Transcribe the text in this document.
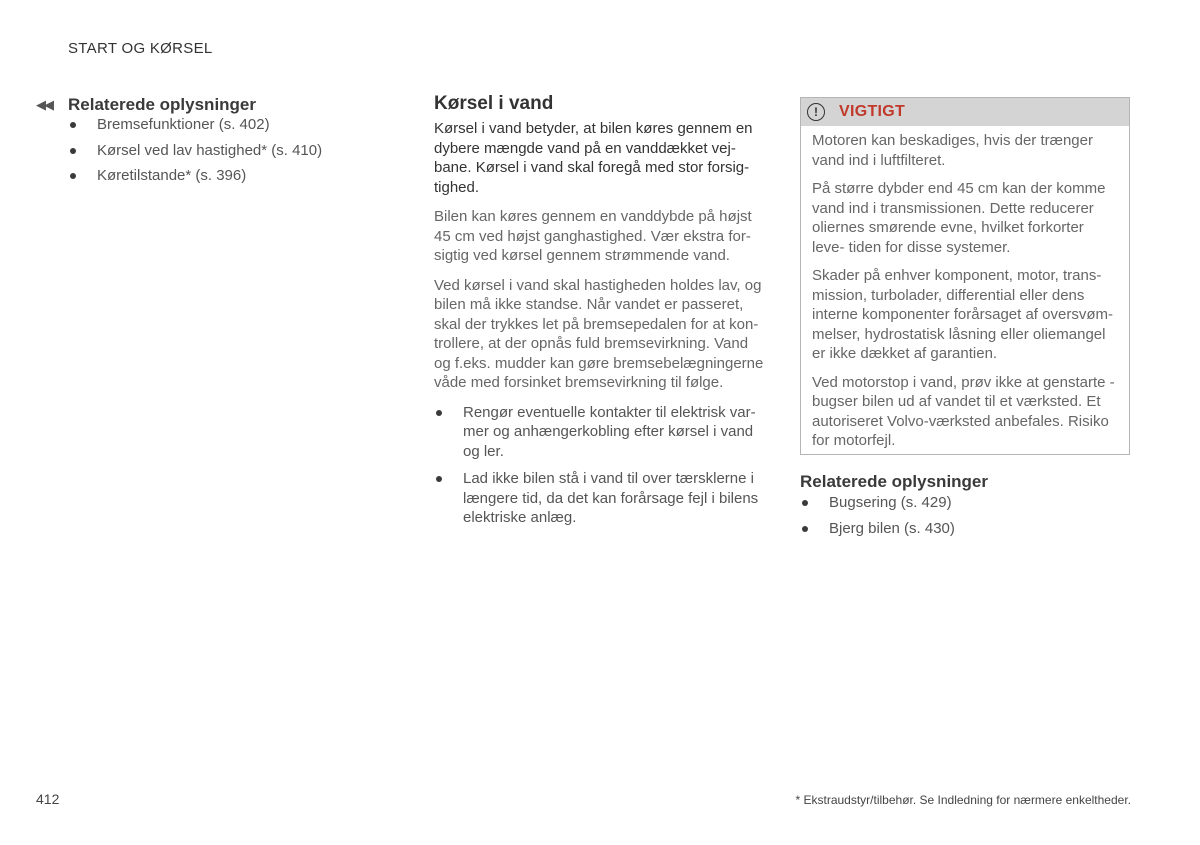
START OG KØRSEL
◀◀ Relaterede oplysninger
Bremsefunktioner (s. 402)
Kørsel ved lav hastighed* (s. 410)
Køretilstande* (s. 396)
Kørsel i vand

Kørsel i vand betyder, at bilen køres gennem en dybere mængde vand på en vanddækket vej- bane. Kørsel i vand skal foregå med stor forsig- tighed.

Bilen kan køres gennem en vanddybde på højst 45 cm ved højst ganghastighed. Vær ekstra for- sigtig ved kørsel gennem strømmende vand.

Ved kørsel i vand skal hastigheden holdes lav, og bilen må ikke standse. Når vandet er passeret, skal der trykkes let på bremsepedalen for at kon- trollere, at der opnås fuld bremsevirkning. Vand og f.eks. mudder kan gøre bremsebelægningerne våde med forsinket bremsevirkning til følge.

Rengør eventuelle kontakter til elektrisk var- mer og anhængerkobling efter kørsel i vand og ler.
Lad ikke bilen stå i vand til over tærsklerne i længere tid, da det kan forårsage fejl i bilens elektriske anlæg.
!	VIGTIGT

Motoren kan beskadiges, hvis der trænger vand ind i luftfilteret.

På større dybder end 45 cm kan der komme vand ind i transmissionen. Dette reducerer oliernes smørende evne, hvilket forkorter leve- tiden for disse systemer.

Skader på enhver komponent, motor, trans- mission, turbolader, differential eller dens interne komponenter forårsaget af oversvøm- melser, hydrostatisk låsning eller oliemangel er ikke dækket af garantien.

Ved motorstop i vand, prøv ikke at genstarte - bugser bilen ud af vandet til et værksted. Et autoriseret Volvo-værksted anbefales. Risiko for motorfejl.

Relaterede oplysninger
Bugsering (s. 429)
Bjerg bilen (s. 430)
412	* Ekstraudstyr/tilbehør. Se Indledning for nærmere enkeltheder.
